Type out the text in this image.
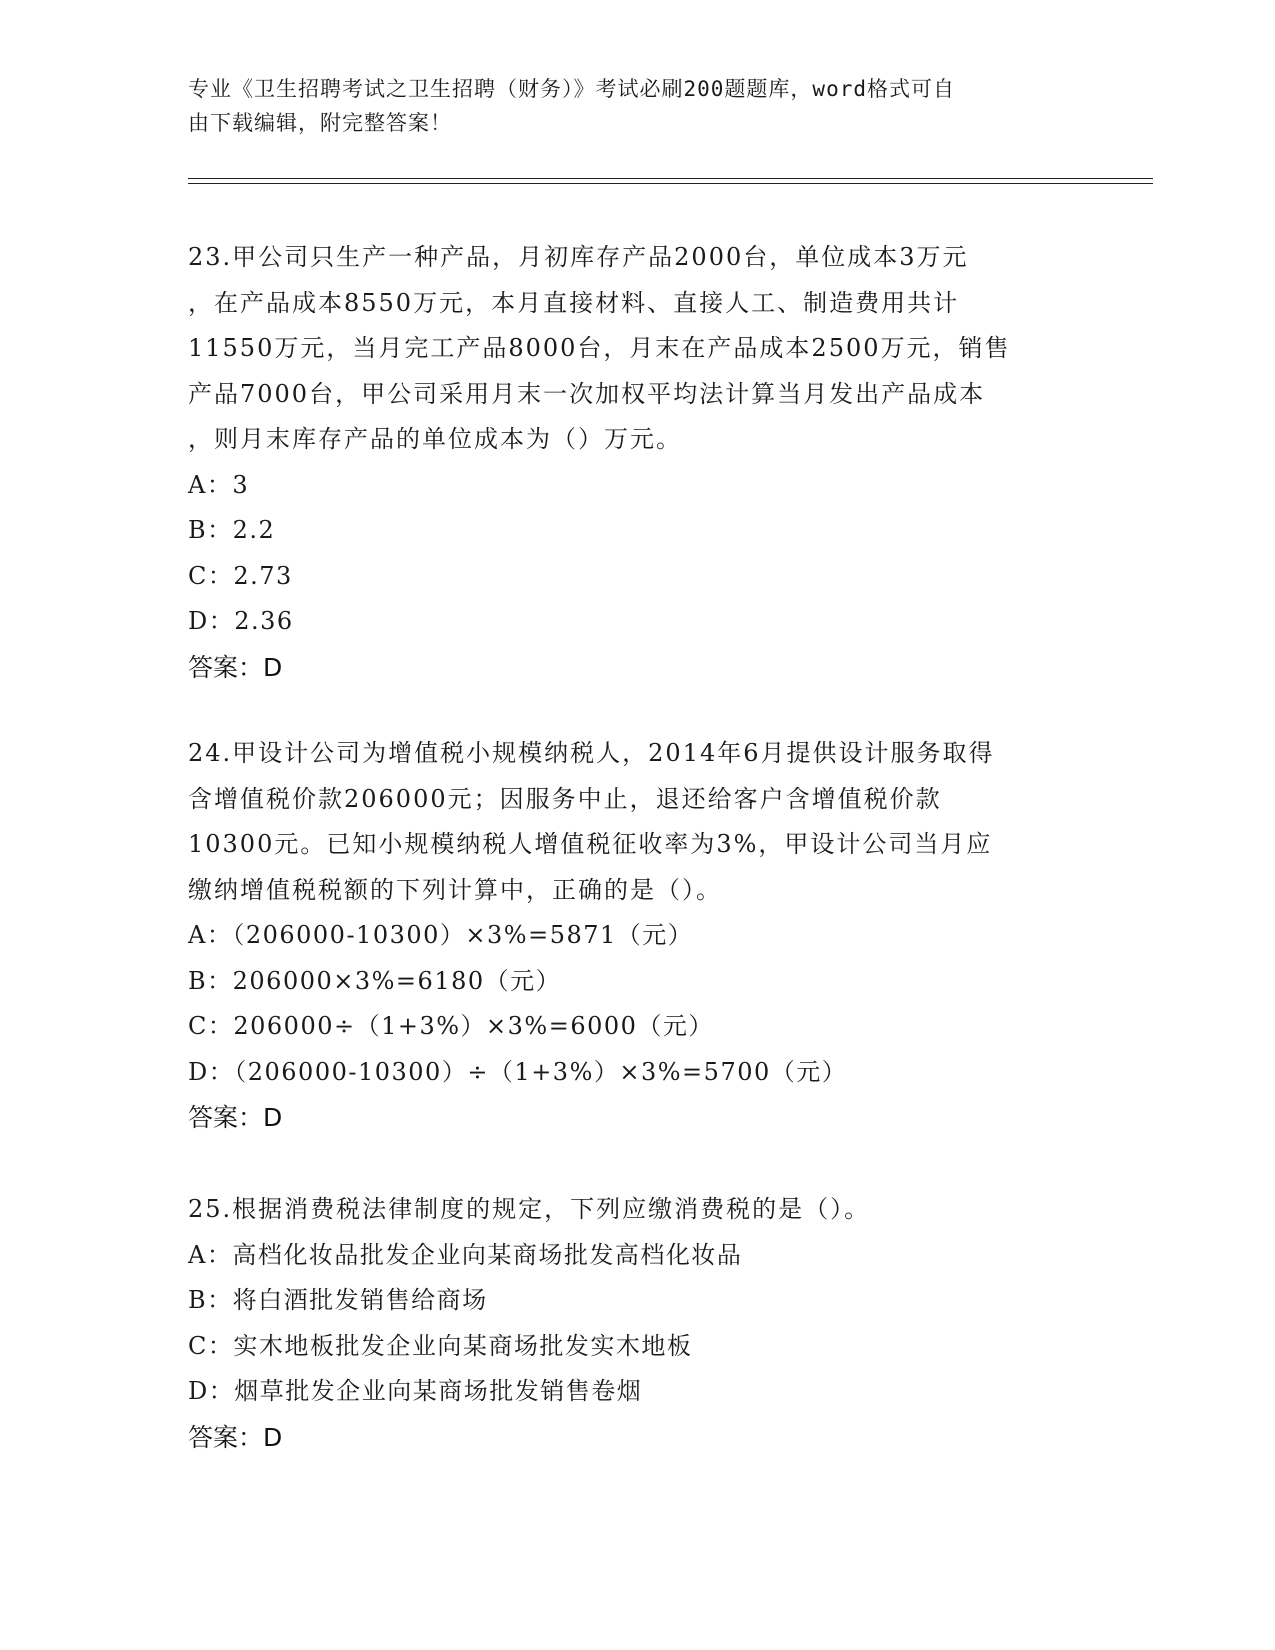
专业《卫生招聘考试之卫生招聘（财务）》考试必刷200题题库，word格式可自
由下载编辑，附完整答案！

23.甲公司只生产一种产品，月初库存产品2000台，单位成本3万元

，在产品成本8550万元，本月直接材料、直接人工、制造费用共计

11550万元，当月完工产品8000台，月末在产品成本2500万元，销售

产品7000台，甲公司采用月末一次加权平均法计算当月发出产品成本

，则月末库存产品的单位成本为（）万元。

A：3

B：2.2

C：2.73

D：2.36

答案：D

24.甲设计公司为增值税小规模纳税人，2014年6月提供设计服务取得

含增值税价款206000元；因服务中止，退还给客户含增值税价款

10300元。已知小规模纳税人增值税征收率为3%，甲设计公司当月应

缴纳增值税税额的下列计算中，正确的是（）。

A：（206000-10300）×3%=5871（元）

B：206000×3%=6180（元）

C：206000÷（1+3%）×3%=6000（元）

D：（206000-10300）÷（1+3%）×3%=5700（元）

答案：D

25.根据消费税法律制度的规定，下列应缴消费税的是（）。

A：高档化妆品批发企业向某商场批发高档化妆品

B：将白酒批发销售给商场

C：实木地板批发企业向某商场批发实木地板

D：烟草批发企业向某商场批发销售卷烟

答案：D
